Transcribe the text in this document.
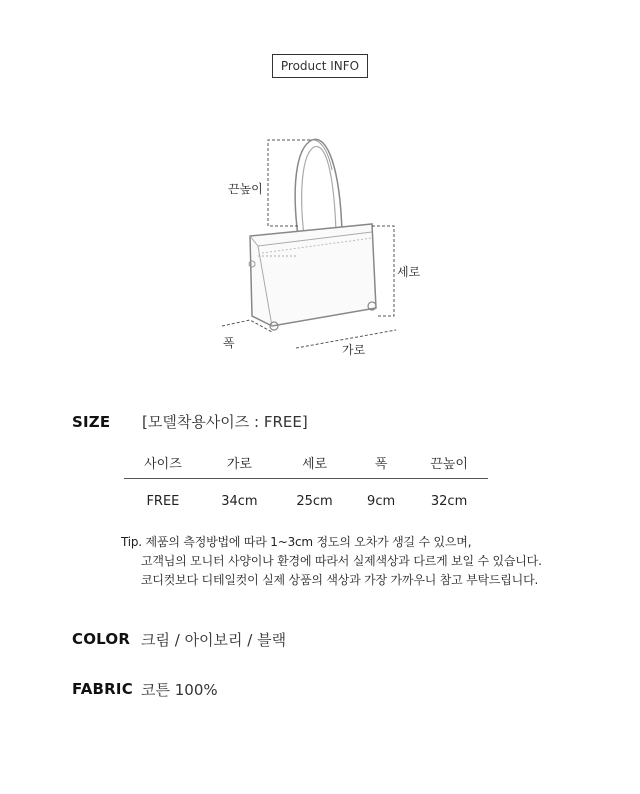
Product INFO
끈높이
세로
폭	가로
SIZE [모델착용사이즈 : FREE]
사이즈	가로	세로	폭	끈높이
FREE	34cm	25cm	9cm	32cm
Tip. 제품의 측정방법에 따라 1~3cm 정도의 오차가 생길 수 있으며,
고객님의 모니터 사양이나 환경에 따라서 실제색상과 다르게 보일 수 있습니다.
코디컷보다 디테일컷이 실제 상품의 색상과 가장 가까우니 참고 부탁드립니다.
COLOR 크림 / 아이보리 / 블랙
FABRIC 코튼 100%
